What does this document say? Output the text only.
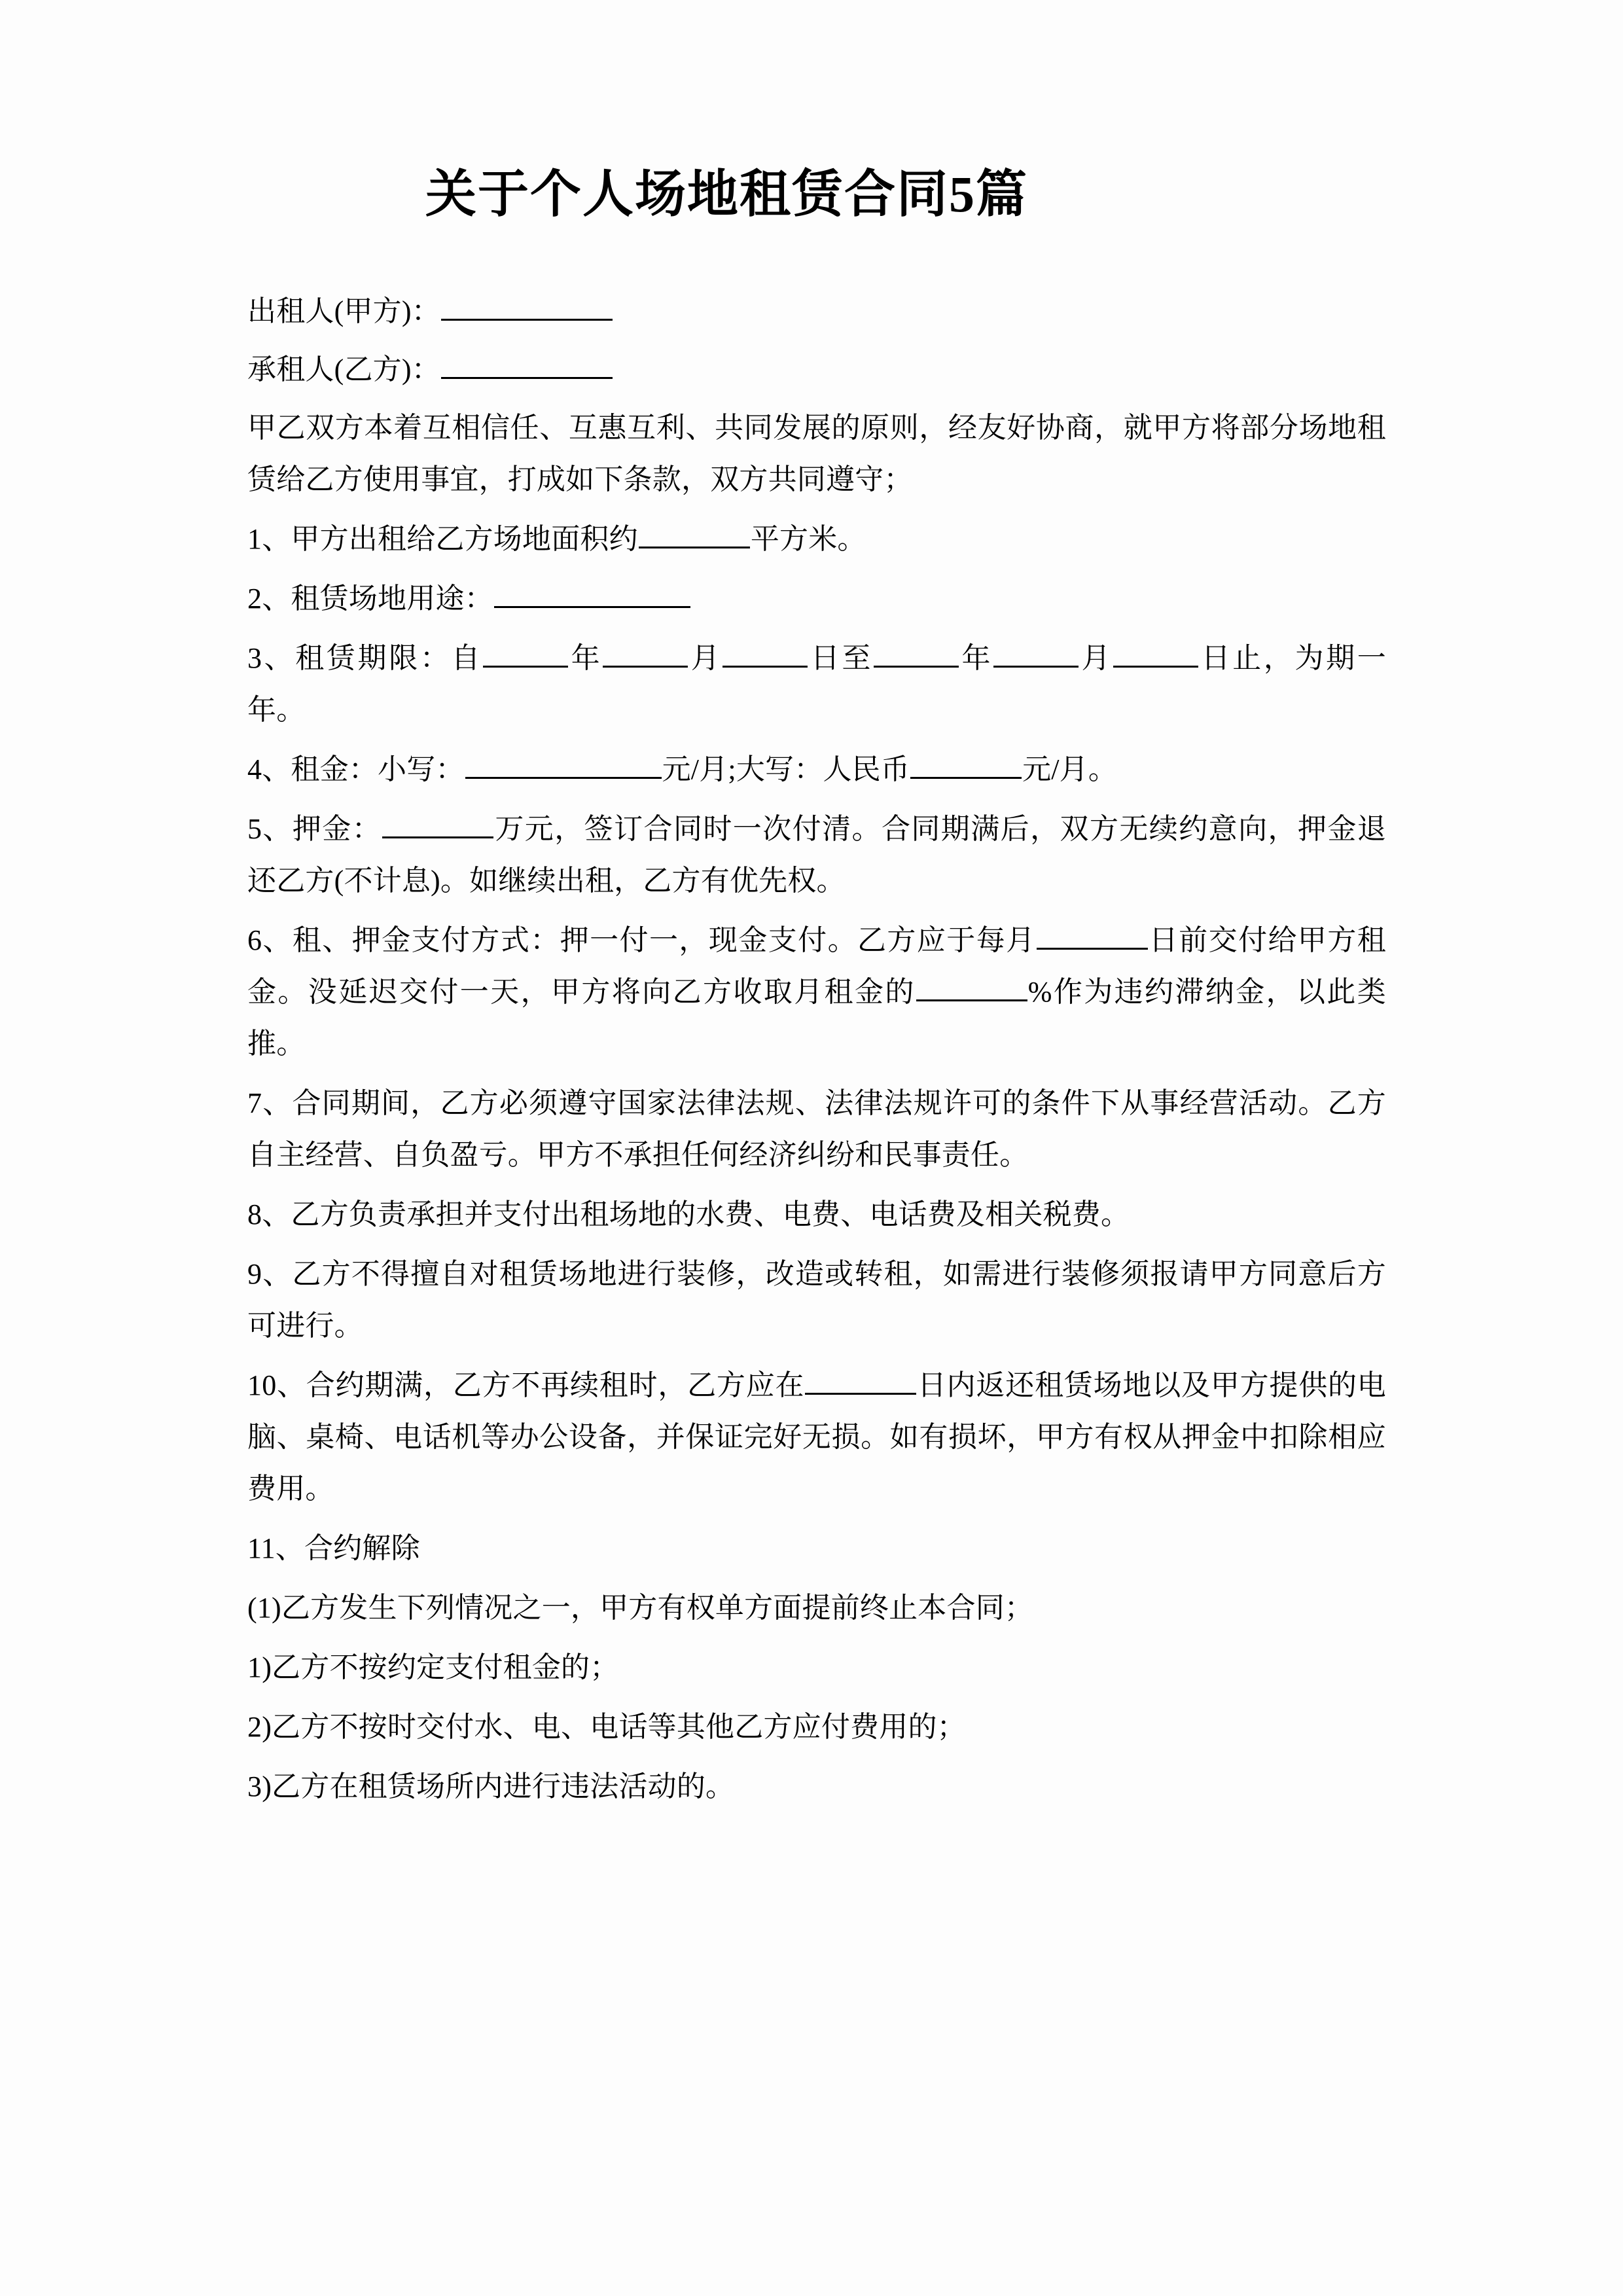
关于个人场地租赁合同5篇

出租人(甲方)：

承租人(乙方)：

甲乙双方本着互相信任、互惠互利、共同发展的原则，经友好协商，就甲方将部分场地租赁给乙方使用事宜，打成如下条款，双方共同遵守；

1、甲方出租给乙方场地面积约	平方米。

2、租赁场地用途：

3、租赁期限：自	年	月	日至	年	月	日止，为期一年。

4、租金：小写：	元/月;大写：人民币	元/月。

5、押金：	万元，签订合同时一次付清。合同期满后，双方无续约意向，押金退还乙方(不计息)。如继续出租，乙方有优先权。

6、租、押金支付方式：押一付一，现金支付。乙方应于每月	日前交付给甲方租金。没延迟交付一天，甲方将向乙方收取月租金的	%作为违约滞纳金，以此类推。

7、合同期间，乙方必须遵守国家法律法规、法律法规许可的条件下从事经营活动。乙方自主经营、自负盈亏。甲方不承担任何经济纠纷和民事责任。

8、乙方负责承担并支付出租场地的水费、电费、电话费及相关税费。

9、乙方不得擅自对租赁场地进行装修，改造或转租，如需进行装修须报请甲方同意后方可进行。

10、合约期满，乙方不再续租时，乙方应在	日内返还租赁场地以及甲方提供的电脑、桌椅、电话机等办公设备，并保证完好无损。如有损坏，甲方有权从押金中扣除相应费用。

11、合约解除

(1)乙方发生下列情况之一，甲方有权单方面提前终止本合同；

1)乙方不按约定支付租金的；

2)乙方不按时交付水、电、电话等其他乙方应付费用的；

3)乙方在租赁场所内进行违法活动的。
